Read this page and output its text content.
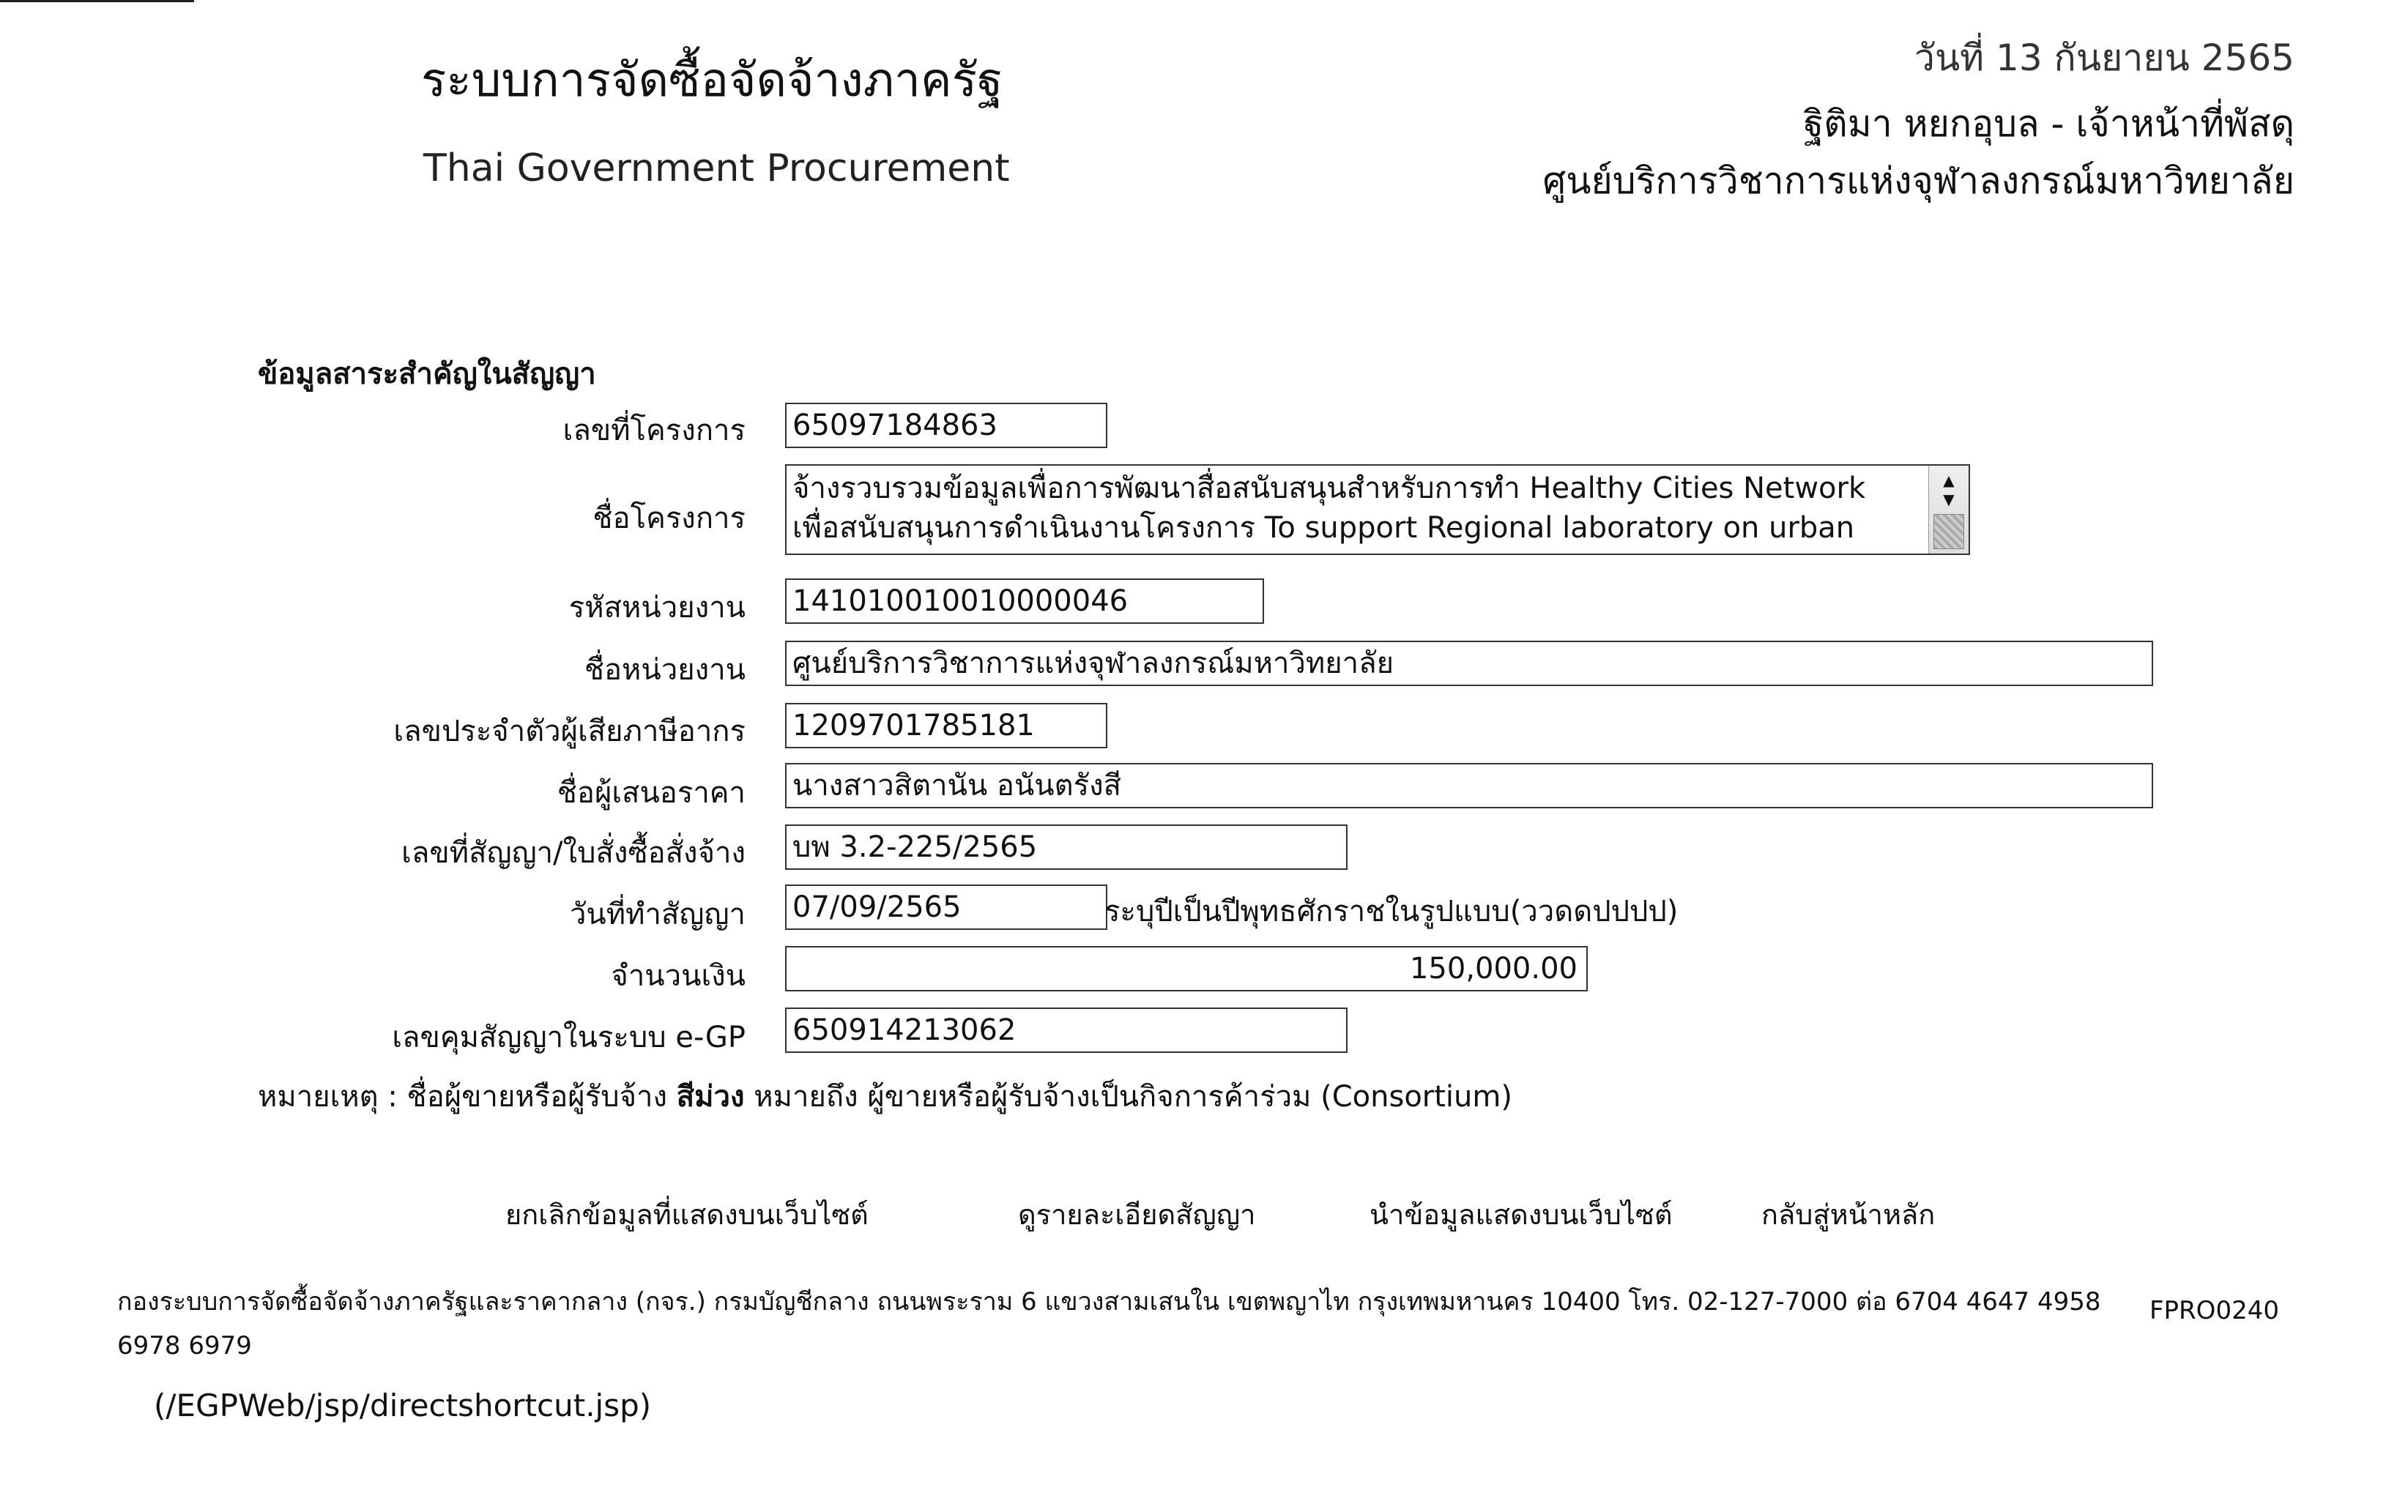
ระบบการจัดซื้อจัดจ้างภาครัฐ
Thai Government Procurement
วันที่ 13 กันยายน 2565
ฐิติมา หยกอุบล - เจ้าหน้าที่พัสดุ
ศูนย์บริการวิชาการแห่งจุฬาลงกรณ์มหาวิทยาลัย
ข้อมูลสาระสำคัญในสัญญา
เลขที่โครงการ 65097184863
ชื่อโครงการ
จ้างรวบรวมข้อมูลเพื่อการพัฒนาสื่อสนับสนุนสำหรับการทำ Healthy Cities Network เพื่อสนับสนุนการดำเนินงานโครงการ To support Regional laboratory on urban
▲
▼
รหัสหน่วยงาน 141010010010000046
ชื่อหน่วยงาน ศูนย์บริการวิชาการแห่งจุฬาลงกรณ์มหาวิทยาลัย
เลขประจำตัวผู้เสียภาษีอากร 1209701785181
ชื่อผู้เสนอราคา นางสาวสิตานัน อนันตรังสี
เลขที่สัญญา/ใบสั่งซื้อสั่งจ้าง บพ 3.2-225/2565
วันที่ทำสัญญา 07/09/2565	ระบุปีเป็นปีพุทธศักราชในรูปแบบ(ววดดปปปป)
จำนวนเงิน	150,000.00
เลขคุมสัญญาในระบบ e-GP 650914213062
หมายเหตุ : ชื่อผู้ขายหรือผู้รับจ้าง สีม่วง หมายถึง ผู้ขายหรือผู้รับจ้างเป็นกิจการค้าร่วม (Consortium)
ยกเลิกข้อมูลที่แสดงบนเว็บไซต์	ดูรายละเอียดสัญญา	นำข้อมูลแสดงบนเว็บไซต์	กลับสู่หน้าหลัก
กองระบบการจัดซื้อจัดจ้างภาครัฐและราคากลาง (กจร.) กรมบัญชีกลาง ถนนพระราม 6 แขวงสามเสนใน เขตพญาไท กรุงเทพมหานคร 10400 โทร. 02-127-7000 ต่อ 6704 4647 4958 6978 6979
FPRO0240
(/EGPWeb/jsp/directshortcut.jsp)
